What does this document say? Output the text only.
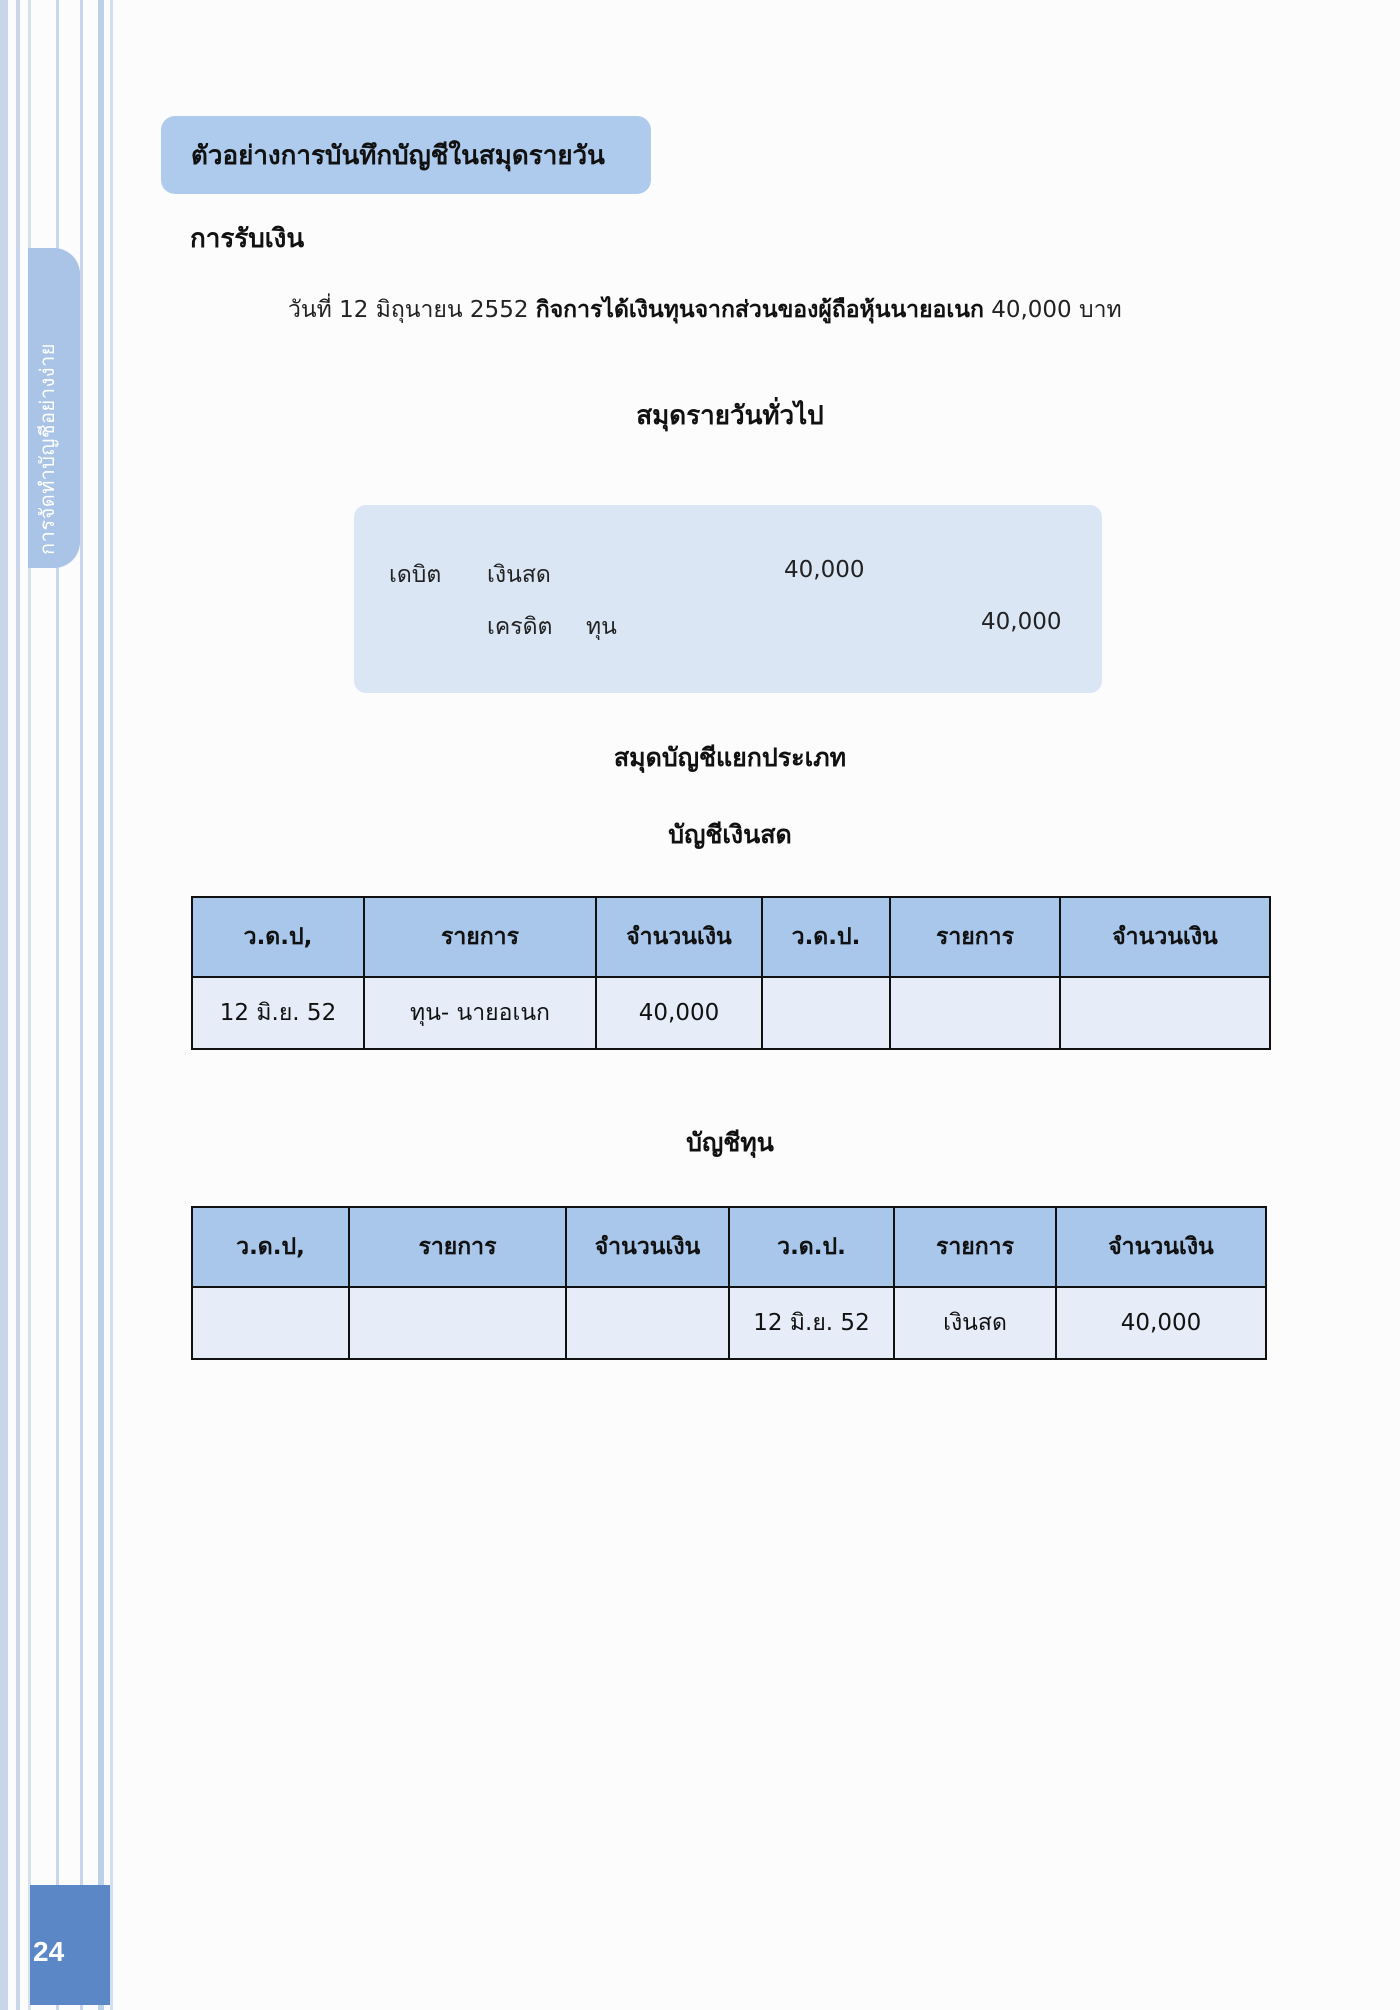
การจัดทำบัญชีอย่างง่าย
24
ตัวอย่างการบันทึกบัญชีในสมุดรายวัน
การรับเงิน
วันที่ 12 มิถุนายน 2552 กิจการได้เงินทุนจากส่วนของผู้ถือหุ้นนายอเนก 40,000 บาท
สมุดรายวันทั่วไป
เดบิต เงินสด	40,000
เครดิต ทุน	40,000
สมุดบัญชีแยกประเภท
บัญชีเงินสด
ว.ด.ป,	รายการ	จำนวนเงิน	ว.ด.ป.	รายการ	จำนวนเงิน
12 มิ.ย. 52	ทุน- นายอเนก	40,000			
บัญชีทุน
ว.ด.ป,	รายการ	จำนวนเงิน	ว.ด.ป.	รายการ	จำนวนเงิน
			12 มิ.ย. 52	เงินสด	40,000
